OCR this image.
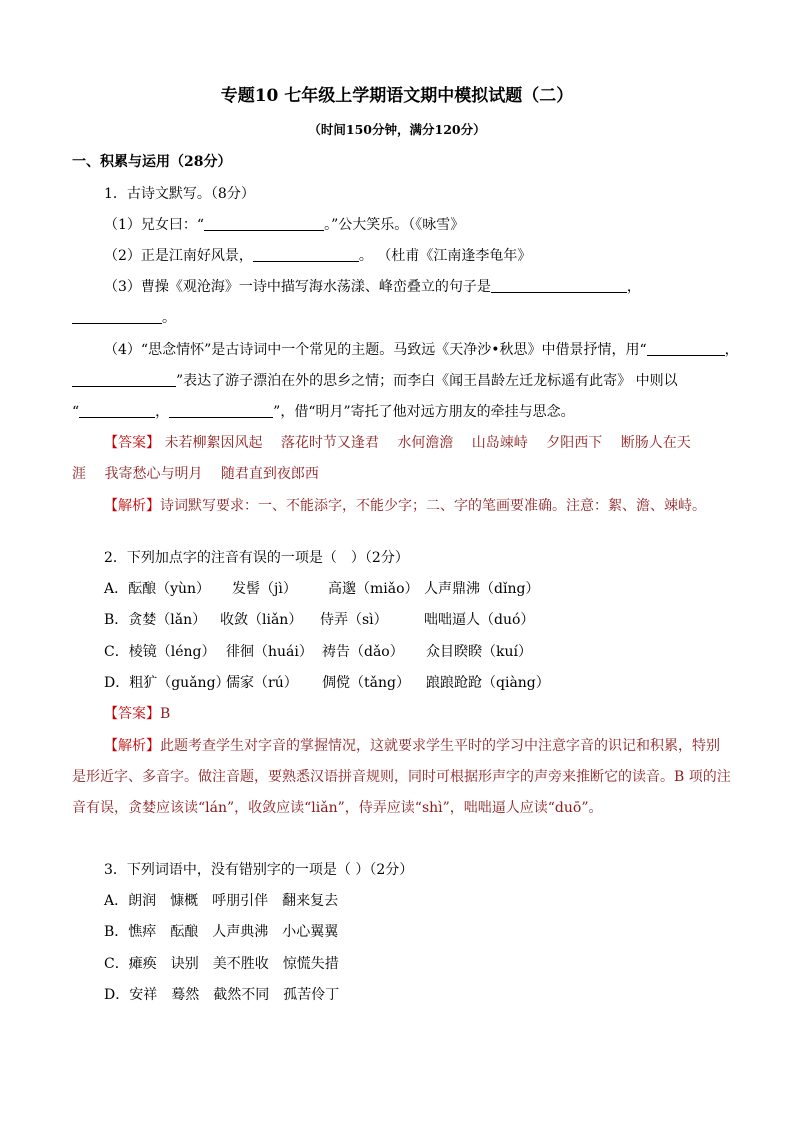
专题10 七年级上学期语文期中模拟试题（二）
（时间150分钟，满分120分）
一、积累与运用（28分）
1．古诗文默写。（8分）
（1）兄女曰：“	。”公大笑乐。（《咏雪》
（2）正是江南好风景，	。 （杜甫《江南逢李龟年》
（3）曹操《观沧海》一诗中描写海水荡漾、峰峦叠立的句子是	，
。
（4）“思念情怀”是古诗词中一个常见的主题。马致远《天净沙•秋思》中借景抒情，用“	，
”表达了游子漂泊在外的思乡之情；而李白《闻王昌龄左迁龙标遥有此寄》 中则以
“	，	”，借“明月”寄托了他对远方朋友的牵挂与思念。
【答案】 未若柳絮因风起　 落花时节又逢君　 水何澹澹　 山岛竦峙　 夕阳西下　 断肠人在天
涯　 我寄愁心与明月　 随君直到夜郎西
【解析】诗词默写要求：一、不能添字，不能少字；二、字的笔画要准确。注意：絮、澹、竦峙。
2．下列加点字的注音有误的一项是（　）（2分）
A．酝酿（yùn） 发髻（jì） 高邈（miǎo） 人声鼎沸（dǐng）
B．贪婪（lǎn） 收敛（liǎn） 侍弄（sì）	咄咄逼人（duó）
C．棱镜（léng） 徘徊（huái） 祷告（dǎo） 众目睽睽（kuí）
D．粗犷（guǎng）儒家（rú） 倜傥（tǎng） 踉踉跄跄（qiàng）
【答案】B
【解析】此题考查学生对字音的掌握情况，这就要求学生平时的学习中注意字音的识记和积累，特别
是形近字、多音字。做注音题，要熟悉汉语拼音规则，同时可根据形声字的声旁来推断它的读音。B 项的注
音有误，贪婪应该读“lán”，收敛应读“liǎn”，侍弄应读“shì”，咄咄逼人应读“duō”。
3．下列词语中，没有错别字的一项是（ ）（2分）
A．朗润　慷概　呼朋引伴　翻来复去
B．憔瘁　酝酿　人声典沸　小心翼翼
C．瘫痪　诀别　美不胜收　惊慌失措
D．安祥　蓦然　截然不同　孤苦伶丁
